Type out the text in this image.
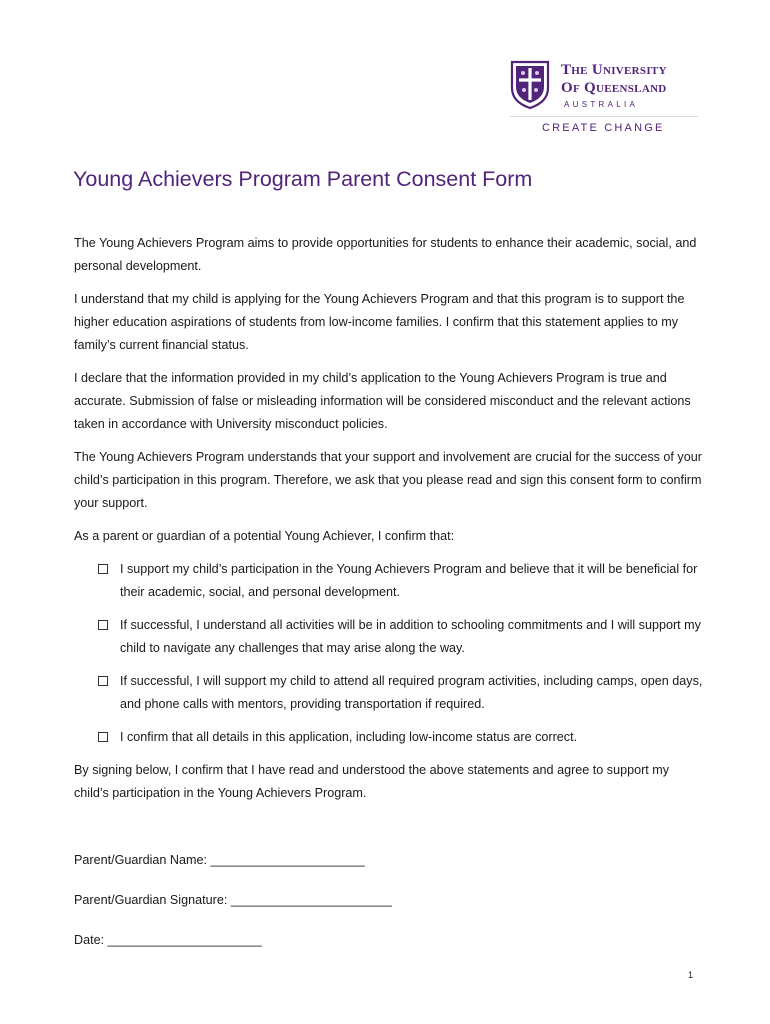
The University
Of Queensland
AUSTRALIA
CREATE CHANGE
Young Achievers Program Parent Consent Form

The Young Achievers Program aims to provide opportunities for students to enhance their academic, social, and personal development.

I understand that my child is applying for the Young Achievers Program and that this program is to support the higher education aspirations of students from low-income families. I confirm that this statement applies to my family’s current financial status.

I declare that the information provided in my child’s application to the Young Achievers Program is true and accurate. Submission of false or misleading information will be considered misconduct and the relevant actions taken in accordance with University misconduct policies.

The Young Achievers Program understands that your support and involvement are crucial for the success of your child’s participation in this program. Therefore, we ask that you please read and sign this consent form to confirm your support.

As a parent or guardian of a potential Young Achiever, I confirm that:

I support my child’s participation in the Young Achievers Program and believe that it will be beneficial for their academic, social, and personal development.
If successful, I understand all activities will be in addition to schooling commitments and I will support my child to navigate any challenges that may arise along the way.
If successful, I will support my child to attend all required program activities, including camps, open days, and phone calls with mentors, providing transportation if required.
I confirm that all details in this application, including low-income status are correct.

By signing below, I confirm that I have read and understood the above statements and agree to support my child’s participation in the Young Achievers Program.

Parent/Guardian Name: ______________________
Parent/Guardian Signature: _______________________
Date: ______________________
1
